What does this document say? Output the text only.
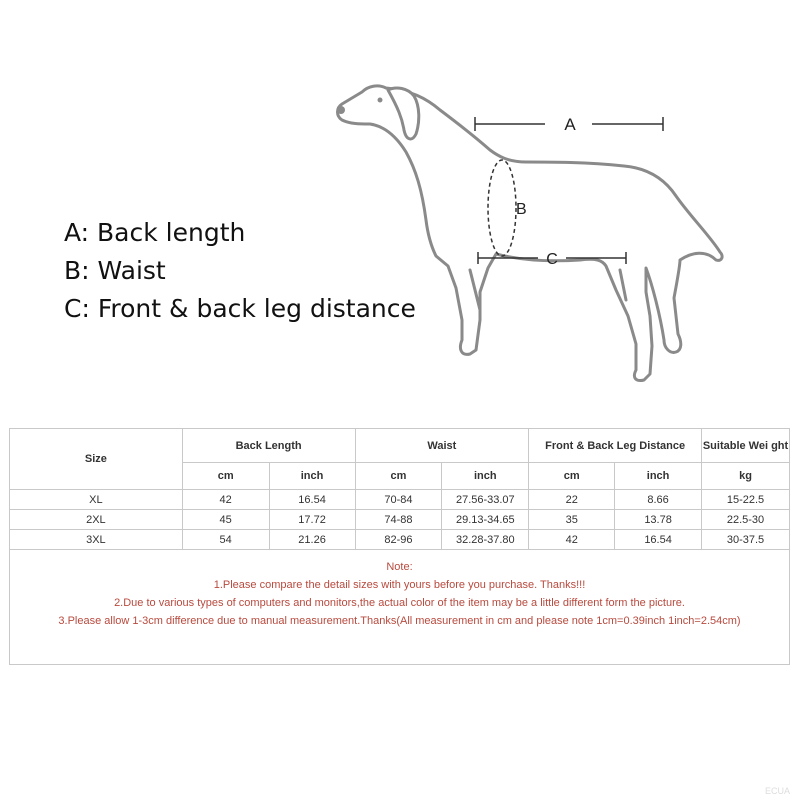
A: Back length
B: Waist
C: Front & back leg distance
A
B
C
Size	Back Length		Waist		Front & Back Leg Distance		Suitable Wei ght
	cm	inch	cm	inch	cm	inch	kg
XL	42	16.54	70-84	27.56-33.07	22	8.66	15-22.5
2XL	45	17.72	74-88	29.13-34.65	35	13.78	22.5-30
3XL	54	21.26	82-96	32.28-37.80	42	16.54	30-37.5

Note:
1.Please compare the detail sizes with yours before you purchase. Thanks!!!
2.Due to various types of computers and monitors,the actual color of the item may be a little different form the picture.
3.Please allow 1-3cm difference due to manual measurement.Thanks(All measurement in cm and please note 1cm=0.39inch 1inch=2.54cm)							
ECUA
